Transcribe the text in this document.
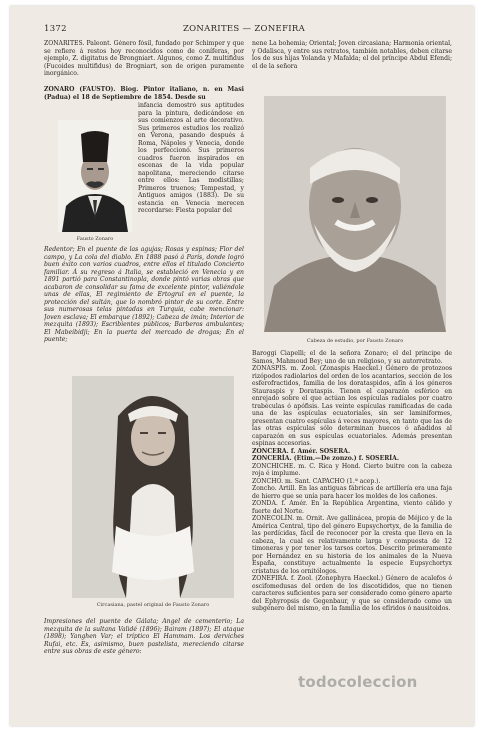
1372	ZONARITES — ZONEFIRA

ZONARITES. Paleont. Género fósil, fundado por Schimper y que se refiere á restos hoy reconocidos como de coníferas, por ejemplo, Z. digitatus de Brongniart. Algunos, como Z. multifidus (Fucoides multifidus) de Brogniart, son de origen puramente inorgánico.

ZONARO (FAUSTO). Biog. Pintor italiano, n. en Masi (Padua) el 18 de Septiembre de 1854. Desde su

Fausto Zonaro

infancia demostró sus aptitudes para la pintura, dedicándose en sus comienzos al arte decorativo. Sus primeros estudios los realizó en Verona, pasando después á Roma, Nápoles y Venecia, donde los perfeccionó. Sus primeros cuadros fueron inspirados en escenas de la vida popular napolitana, mereciendo citarse entre ellos: Las modistillas; Primeros truenos; Tempestad, y Antiguos amigos (1883). De su estancia en Venecia merecen recordarse: Fiesta popular del

Redentor; En el puente de las agujas; Rosas y espinas; Flor del campo, y La cola del diablo. En 1888 pasó á París, donde logró buen éxito con varios cuadros, entre ellos el titulado Concierto familiar. Á su regreso á Italia, se estableció en Venecia y en 1891 partió para Constantinopla, donde pintó varias obras que acabaron de consolidar su fama de excelente pintor, valiéndole unas de ellas, El regimiento de Ertogrul en el puente, la protección del sultán, que lo nombró pintor de su corte. Entre sus numerosas telas pintadas en Turquía, cabe mencionar: Joven esclava; El embarque (1892); Cabeza de imán; Interior de mezquita (1893); Escribientes públicos; Barberos ambulantes; El Mabeibidji; En la puerta del mercado de drogas; En el puente;

Circasiana, pastel original de Fausto Zonaro

Impresiones del puente de Gálata; Ángel de cementerio; La mezquita de la sultana Validé (1896); Bairam (1897); El ataque (1898); Yanghen Var; el tríptico El Hammam. Los derviches Rufai, etc. Es, asimismo, buen pastelista, mereciendo citarse entre sus obras de este género:

nene La bohemia; Oriental; Joven circasiana; Harmonía oriental, y Odalisca, y entre sus retratos, también notables, deben citarse los de sus hijas Yolanda y Mafalda; el del príncipe Abdul Efendi; el de la señora

Cabeza de estudio, por Fausto Zonaro

Baroggi Ciapelli; el de la señora Zonaro; el del príncipe de Samos, Mahmoud Bey; uno de un religioso, y su autorretrato.

ZONASPIS. m. Zool. (Zonaspis Haeckel.) Género de protozoos rizópodos radiolarios del orden de los acantarios, sección de los esferofractidos, familia de los dorataspidos, afín á los géneros Stauraspis y Dorataspis. Tienen el caparazón esférico en enrejado sobre el que actúan los espículas radiales por cuatro trabéculas ó apófisis. Las veinte espículas ramificadas de cada una de las espículas ecuatoriales, sin ser laminiformes, presentan cuatro espículas á veces mayores, en tanto que las de las otras espículas sólo determinan huecos ó añadidos al caparazón en sus espículas ecuatoriales. Además presentan espinas accesorias.

ZONCERA. f. Amér. SOSERA.

ZONCERÍA. (Etim.—De zonzo.) f. SOSERÍA.

ZONCHICHE. m. C. Rica y Hond. Cierto buitre con la cabeza roja é implume.

ZONCHO. m. Sant. CAPACHO (1.ª acep.).

Zoncho. Artill. En las antiguas fábricas de artillería era una faja de hierro que se unía para hacer los moldes de los cañones.

ZONDA. f. Amér. En la República Argentina, viento cálido y fuerte del Norte.

ZONECOLÍN. m. Ornit. Ave gallinácea, propia de Méjico y de la América Central, tipo del género Eupsychortyx, de la familia de las perdícidas, fácil de reconocer por la cresta que lleva en la cabeza, la cual es relativamente larga y compuesta de 12 timoneras y por tener los tarsos cortos. Descrito primeramente por Hernández en su historia de los animales de la Nueva España, constituye actualmente la especie Eupsychortyx cristatus de los ornitólogos.

ZONEFIRA. f. Zool. (Zonephyra Haeckel.) Género de acalefos ó escifomedusas del orden de los discotídidos, que no tienen caracteres suficientes para ser considerado como género aparte del Ephyropsis de Gegenbaur, y que se considerado como un subgénero del mismo, en la familia de los efíridos ó nausitoidos.

todocoleccion
